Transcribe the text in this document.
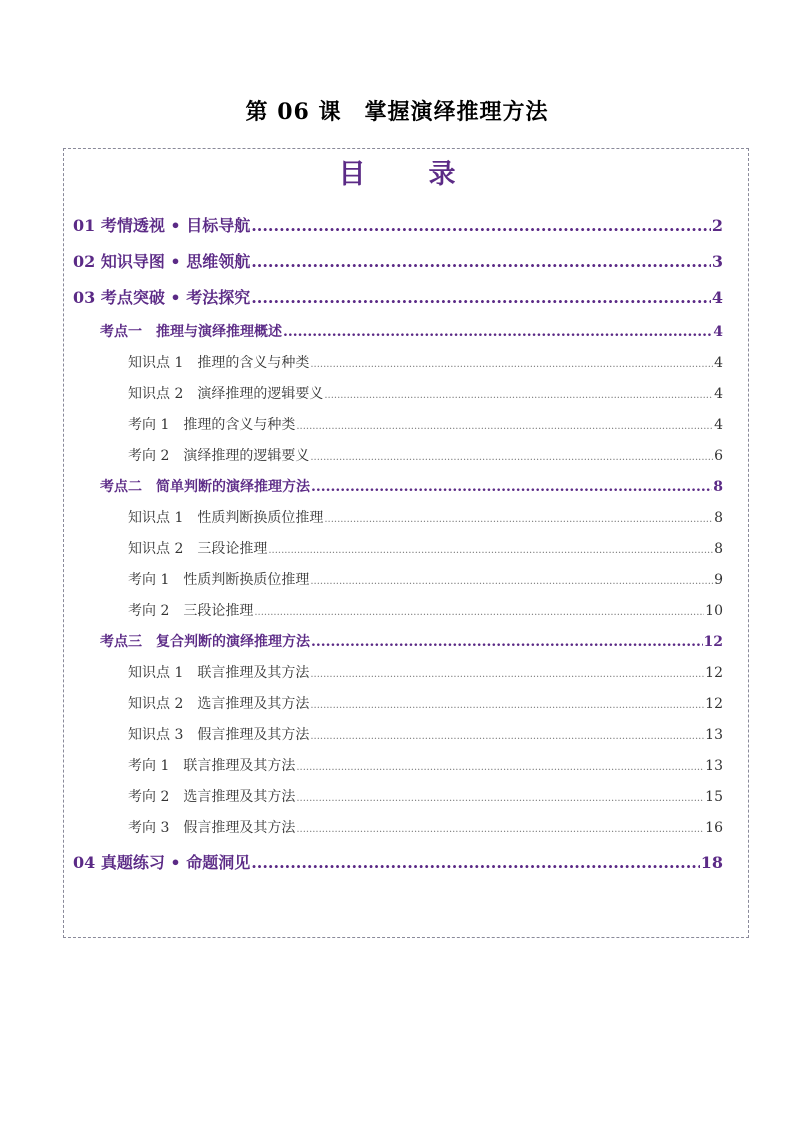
第 06 课　掌握演绎推理方法
目　录
01 考情透视 • 目标导航 .....	2
02 知识导图 • 思维领航 .....	3
03 考点突破 • 考法探究 .....	4
考点一　推理与演绎推理概述 .....	4
知识点 1　推理的含义与种类 .....	4
知识点 2　演绎推理的逻辑要义 .....	4
考向 1　推理的含义与种类 .....	4
考向 2　演绎推理的逻辑要义 .....	6
考点二　简单判断的演绎推理方法 .....	8
知识点 1　性质判断换质位推理 .....	8
知识点 2　三段论推理 .....	8
考向 1　性质判断换质位推理 .....	9
考向 2　三段论推理 .....	10
考点三　复合判断的演绎推理方法 .....	12
知识点 1　联言推理及其方法 .....	12
知识点 2　选言推理及其方法 .....	12
知识点 3　假言推理及其方法 .....	13
考向 1　联言推理及其方法 .....	13
考向 2　选言推理及其方法 .....	15
考向 3　假言推理及其方法 .....	16
04 真题练习 • 命题洞见 .....	18
